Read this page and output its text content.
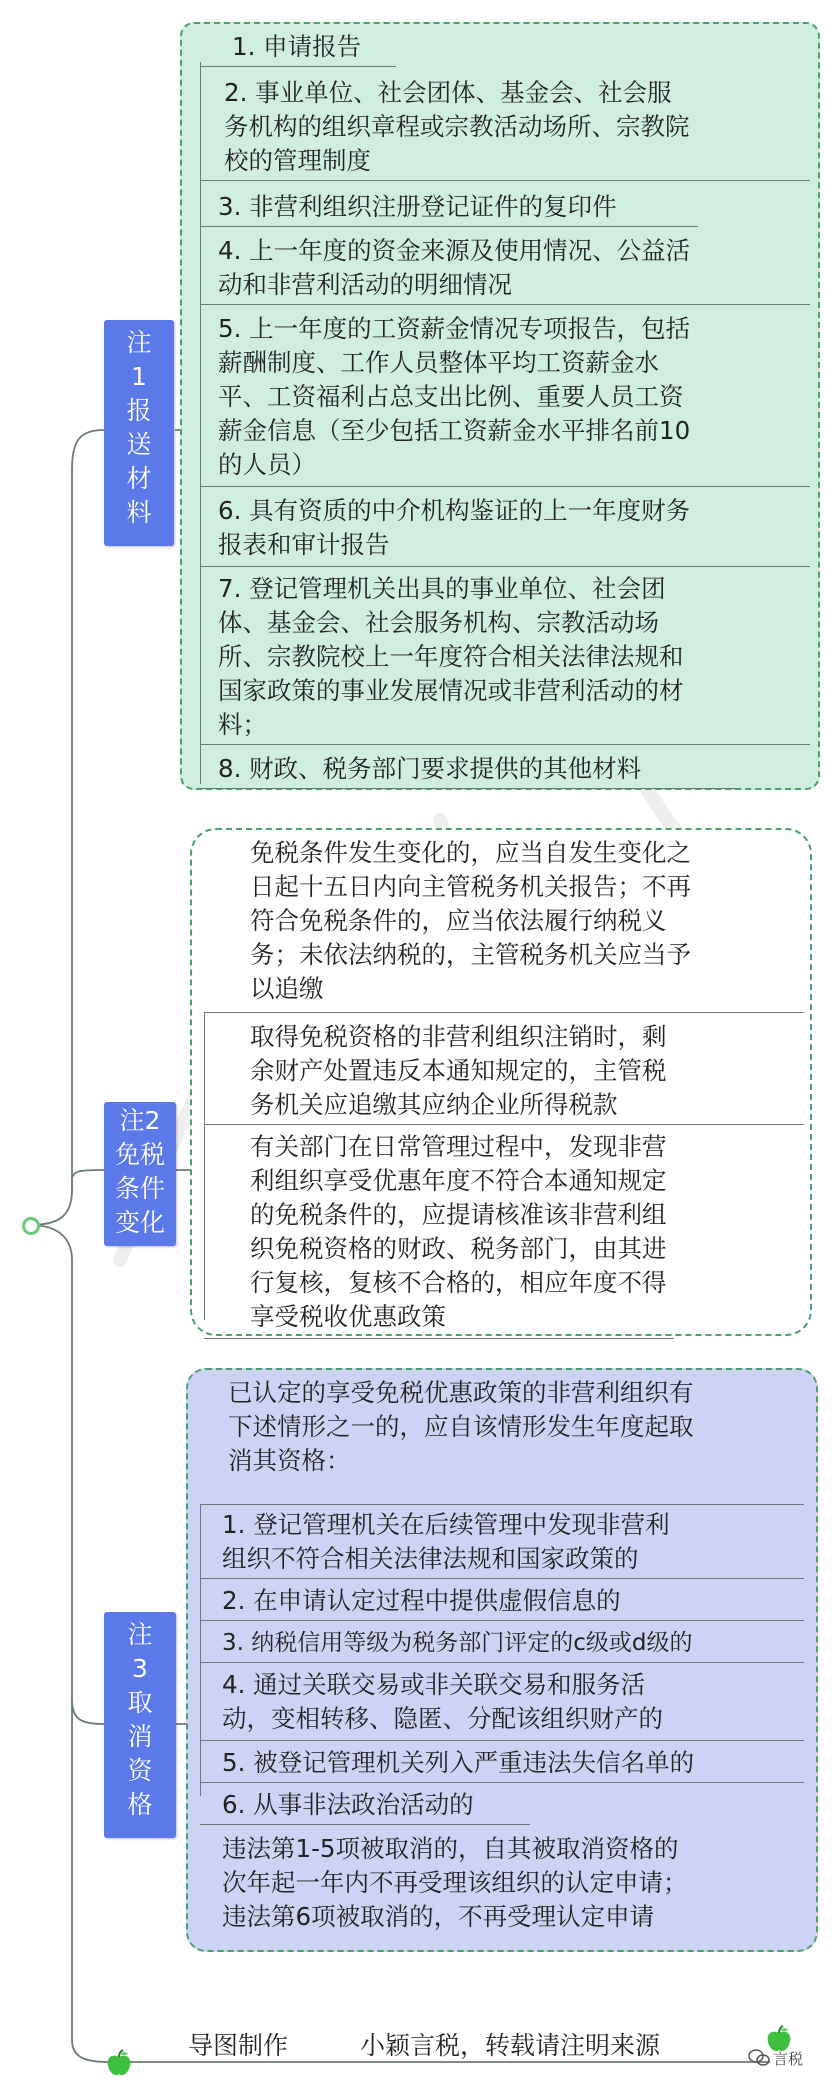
注
1
报
送
材
料
1. 申请报告
2. 事业单位、社会团体、基金会、社会服
务机构的组织章程或宗教活动场所、宗教院
校的管理制度
3. 非营利组织注册登记证件的复印件
4. 上一年度的资金来源及使用情况、公益活
动和非营利活动的明细情况
5. 上一年度的工资薪金情况专项报告，包括
薪酬制度、工作人员整体平均工资薪金水
平、工资福利占总支出比例、重要人员工资
薪金信息（至少包括工资薪金水平排名前10
的人员）
6. 具有资质的中介机构鉴证的上一年度财务
报表和审计报告
7. 登记管理机关出具的事业单位、社会团
体、基金会、社会服务机构、宗教活动场
所、宗教院校上一年度符合相关法律法规和
国家政策的事业发展情况或非营利活动的材
料；
8. 财政、税务部门要求提供的其他材料
注2
免税
条件
变化
免税条件发生变化的，应当自发生变化之
日起十五日内向主管税务机关报告；不再
符合免税条件的，应当依法履行纳税义
务；未依法纳税的，主管税务机关应当予
以追缴
取得免税资格的非营利组织注销时，剩
余财产处置违反本通知规定的，主管税
务机关应追缴其应纳企业所得税款
有关部门在日常管理过程中，发现非营
利组织享受优惠年度不符合本通知规定
的免税条件的，应提请核准该非营利组
织免税资格的财政、税务部门，由其进
行复核，复核不合格的，相应年度不得
享受税收优惠政策
注
3
取
消
资
格
已认定的享受免税优惠政策的非营利组织有
下述情形之一的，应自该情形发生年度起取
消其资格：
1. 登记管理机关在后续管理中发现非营利
组织不符合相关法律法规和国家政策的
2. 在申请认定过程中提供虚假信息的
3. 纳税信用等级为税务部门评定的c级或d级的
4. 通过关联交易或非关联交易和服务活
动，变相转移、隐匿、分配该组织财产的
5. 被登记管理机关列入严重违法失信名单的
6. 从事非法政治活动的
违法第1-5项被取消的，自其被取消资格的
次年起一年内不再受理该组织的认定申请；
违法第6项被取消的，不再受理认定申请
导图制作	小颖言税，转载请注明来源	言税
